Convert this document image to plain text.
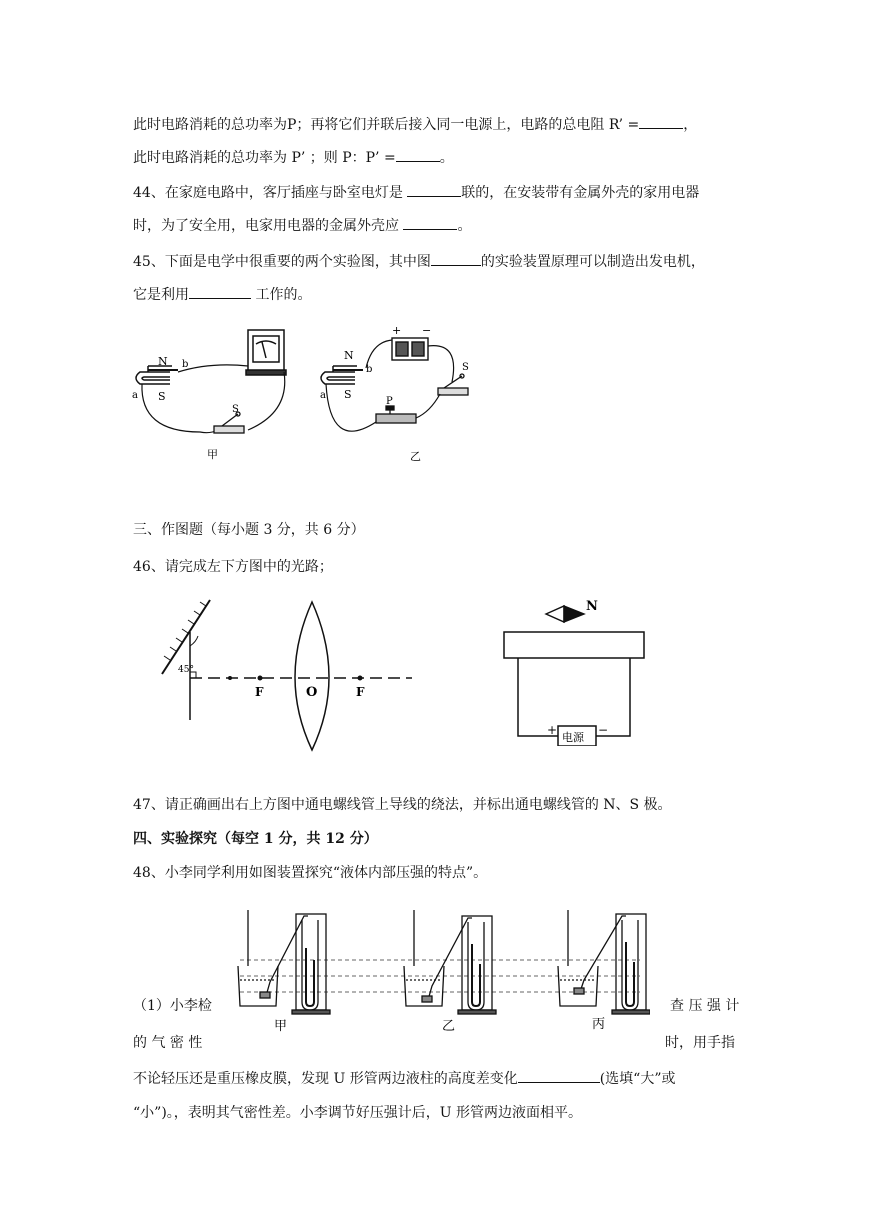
此时电路消耗的总功率为P；再将它们并联后接入同一电源上，电路的总电阻 R’ =	，
此时电路消耗的总功率为 P’ ；则 P：P’ =	。
44、在家庭电路中，客厅插座与卧室电灯是	联的，在安装带有金属外壳的家用电器
时，为了安全用，电家用电器的金属外壳应	。
45、下面是电学中很重要的两个实验图，其中图	的实验装置原理可以制造出发电机，
它是利用	工作的。
N
S
a
b
S
甲
N
S
a
b
+ −
S
P
乙
三、作图题（每小题 3 分，共 6 分）
46、请完成左下方图中的光路；
45°
F	O	F
N
电源
+	−
47、请正确画出右上方图中通电螺线管上导线的绕法，并标出通电螺线管的 N、S 极。
四、实验探究（每空 1 分，共 12 分）
48、小李同学利用如图装置探究“液体内部压强的特点”。
甲	乙	丙
（1）小李检	查 压 强 计
的 气 密 性	时，用手指
不论轻压还是重压橡皮膜，发现 U 形管两边液柱的高度差变化	(选填“大”或
“小”)。，表明其气密性差。小李调节好压强计后，U 形管两边液面相平。
